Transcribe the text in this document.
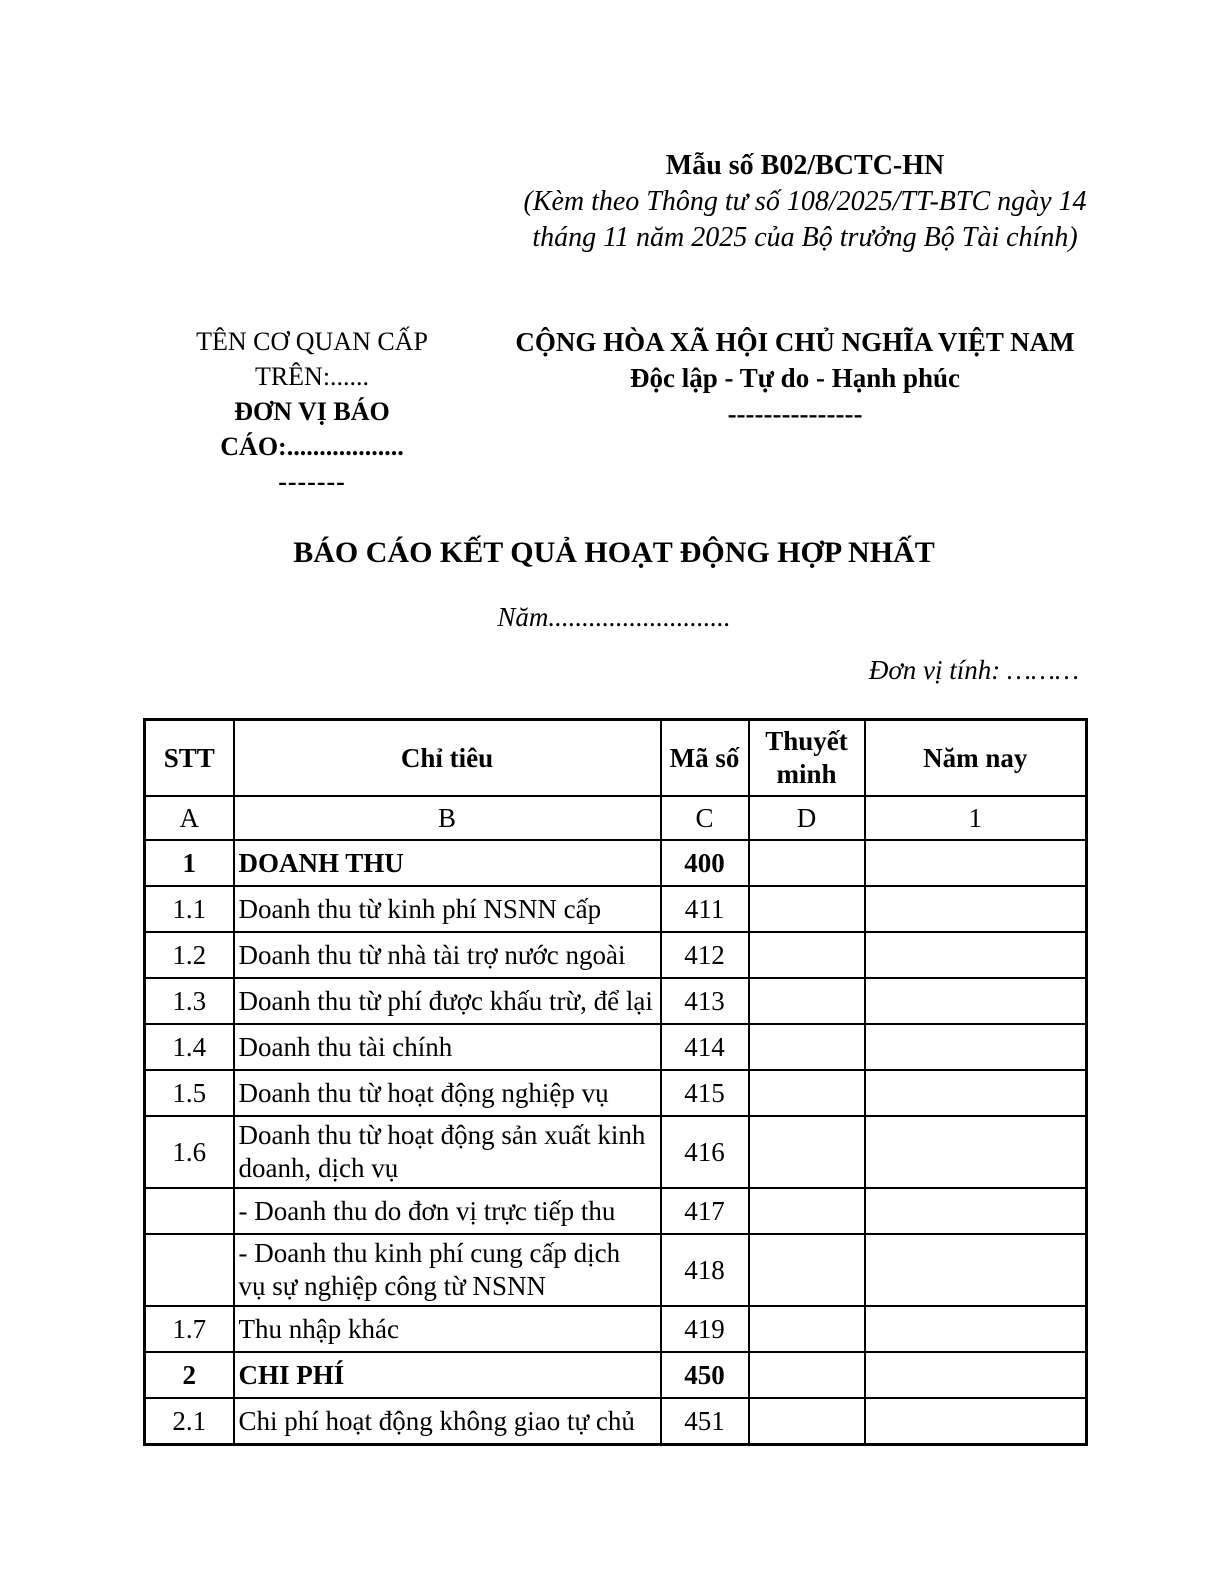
Mẫu số B02/BCTC-HN
(Kèm theo Thông tư số 108/2025/TT-BTC ngày 14
tháng 11 năm 2025 của Bộ trưởng Bộ Tài chính)
TÊN CƠ QUAN CẤP TRÊN:......
ĐƠN VỊ BÁO CÁO:..................
-------
CỘNG HÒA XÃ HỘI CHỦ NGHĨA VIỆT NAM
Độc lập - Tự do - Hạnh phúc
---------------
BÁO CÁO KẾT QUẢ HOẠT ĐỘNG HỢP NHẤT
Năm...........................
Đơn vị tính: ………
STT	Chỉ tiêu	Mã số	Thuyết minh	Năm nay
A	B	C	D	1
1	DOANH THU	400		
1.1	Doanh thu từ kinh phí NSNN cấp	411		
1.2	Doanh thu từ nhà tài trợ nước ngoài	412		
1.3	Doanh thu từ phí được khấu trừ, để lại	413		
1.4	Doanh thu tài chính	414		
1.5	Doanh thu từ hoạt động nghiệp vụ	415		
1.6	Doanh thu từ hoạt động sản xuất kinh doanh, dịch vụ	416		
	- Doanh thu do đơn vị trực tiếp thu	417		
	- Doanh thu kinh phí cung cấp dịch vụ sự nghiệp công từ NSNN	418		
1.7	Thu nhập khác	419		
2	CHI PHÍ	450		
2.1	Chi phí hoạt động không giao tự chủ	451		
